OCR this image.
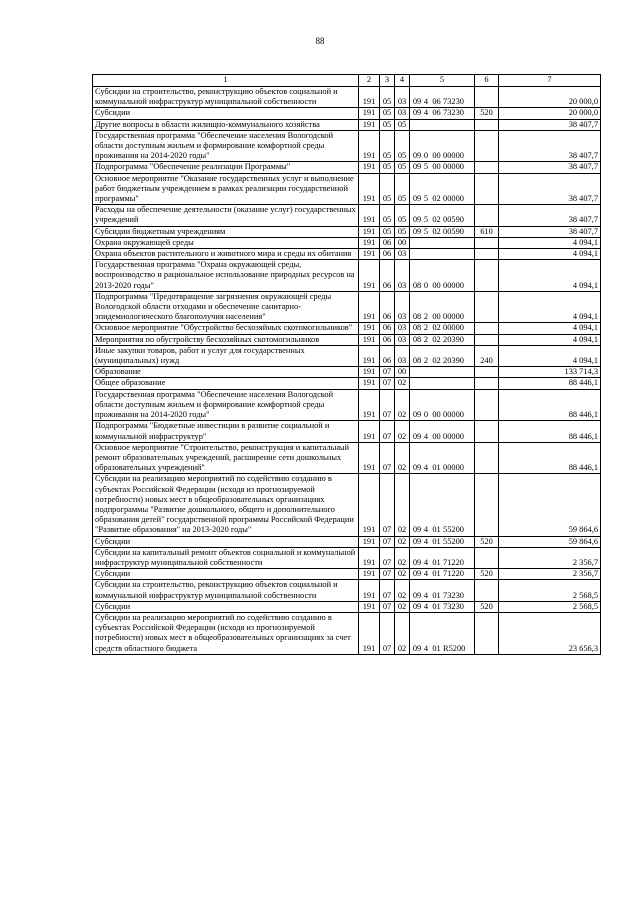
88
1	2	3	4	5	6	7
Субсидии на строительство, реконструкцию объектов социальной и коммунальной инфраструктур муниципальной собственности	191	05	03	09 4 06 73230		20 000,0
Субсидии	191	05	03	09 4 06 73230	520	20 000,0
Другие вопросы в области жилищно-коммунального хозяйства	191	05	05			38 407,7
Государственная программа "Обеспечение населения Вологодской области доступным жильем и формирование комфортной среды проживания на 2014-2020 годы"	191	05	05	09 0 00 00000		38 407,7
Подпрограмма "Обеспечение реализации Программы"	191	05	05	09 5 00 00000		38 407,7
Основное мероприятие "Оказание государственных услуг и выполнение работ бюджетным учреждением в рамках реализации государственной программы"	191	05	05	09 5 02 00000		38 407,7
Расходы на обеспечение деятельности (оказание услуг) государственных учреждений	191	05	05	09 5 02 00590		38 407,7
Субсидии бюджетным учреждениям	191	05	05	09 5 02 00590	610	38 407,7
Охрана окружающей среды	191	06	00			4 094,1
Охрана объектов растительного и животного мира и среды их обитания	191	06	03			4 094,1
Государственная программа "Охрана окружающей среды, воспроизводство и рациональное использование природных ресурсов на 2013-2020 годы"	191	06	03	08 0 00 00000		4 094,1
Подпрограмма "Предотвращение загрязнения окружающей среды Вологодской области отходами и обеспечение санитарно-эпидемиологического благополучия населения"	191	06	03	08 2 00 00000		4 094,1
Основное мероприятие "Обустройство бесхозяйных скотомогильников"	191	06	03	08 2 02 00000		4 094,1
Мероприятия по обустройству бесхозяйных скотомогильников	191	06	03	08 2 02 20390		4 094,1
Иные закупки товаров, работ и услуг для государственных (муниципальных) нужд	191	06	03	08 2 02 20390	240	4 094,1
Образование	191	07	00			133 714,3
Общее образование	191	07	02			88 446,1
Государственная программа "Обеспечение населения Вологодской области доступным жильем и формирование комфортной среды проживания на 2014-2020 годы"	191	07	02	09 0 00 00000		88 446,1
Подпрограмма "Бюджетные инвестиции в развитие социальной и коммунальной инфраструктур"	191	07	02	09 4 00 00000		88 446,1
Основное мероприятие "Строительство, реконструкция и капитальный ремонт образовательных учреждений, расширение сети дошкольных образовательных учреждений"	191	07	02	09 4 01 00000		88 446,1
Субсидии на реализацию мероприятий по содействию созданию в субъектах Российской Федерации (исходя из прогнозируемой потребности) новых мест в общеобразовательных организациях подпрограммы "Развитие дошкольного, общего и дополнительного образования детей" государственной программы Российской Федерации "Развитие образования" на 2013-2020 годы"	191	07	02	09 4 01 55200		59 864,6
Субсидии	191	07	02	09 4 01 55200	520	59 864,6
Субсидии на капитальный ремонт объектов социальной и коммунальной инфраструктур муниципальной собственности	191	07	02	09 4 01 71220		2 356,7
Субсидии	191	07	02	09 4 01 71220	520	2 356,7
Субсидии на строительство, реконструкцию объектов социальной и коммунальной инфраструктур муниципальной собственности	191	07	02	09 4 01 73230		2 568,5
Субсидии	191	07	02	09 4 01 73230	520	2 568,5
Субсидии на реализацию мероприятий по содействию созданию в субъектах Российской Федерации (исходя из прогнозируемой потребности) новых мест в общеобразовательных организациях за счет средств областного бюджета	191	07	02	09 4 01 R5200		23 656,3
